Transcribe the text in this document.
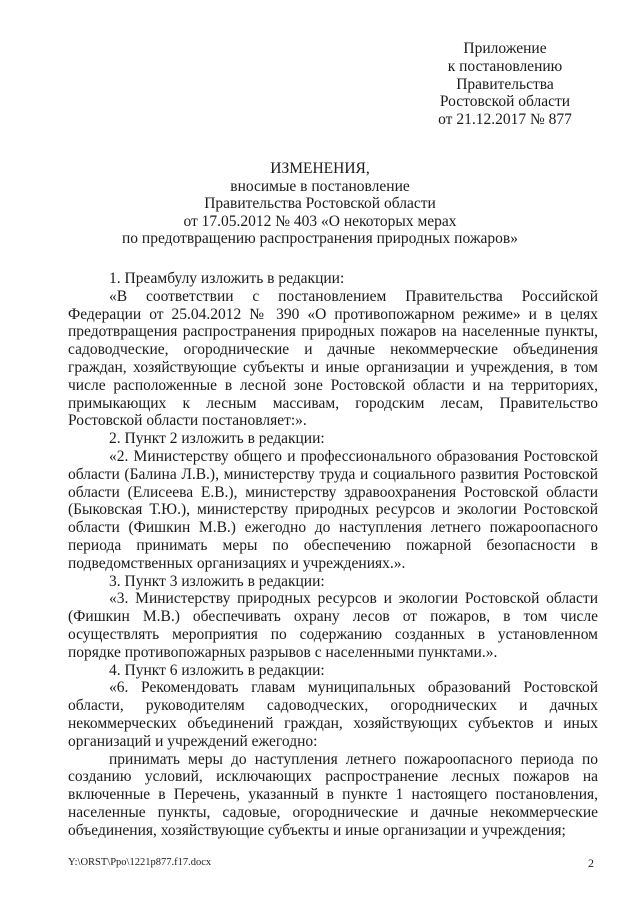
Приложение
к постановлению
Правительства
Ростовской области
от 21.12.2017 № 877
ИЗМЕНЕНИЯ,
вносимые в постановление
Правительства Ростовской области
от 17.05.2012 № 403 «О некоторых мерах
по предотвращению распространения природных пожаров»

1. Преамбулу изложить в редакции:

«В соответствии с постановлением Правительства Российской Федерации от 25.04.2012 № 390 «О противопожарном режиме» и в целях предотвращения распространения природных пожаров на населенные пункты, садоводческие, огороднические и дачные некоммерческие объединения граждан, хозяйствующие субъекты и иные организации и учреждения, в том числе расположенные в лесной зоне Ростовской области и на территориях, примыкающих к лесным массивам, городским лесам, Правительство Ростовской области постановляет:».

2. Пункт 2 изложить в редакции:

«2. Министерству общего и профессионального образования Ростовской области (Балина Л.В.), министерству труда и социального развития Ростовской области (Елисеева Е.В.), министерству здравоохранения Ростовской области (Быковская Т.Ю.), министерству природных ресурсов и экологии Ростовской области (Фишкин М.В.) ежегодно до наступления летнего пожароопасного периода принимать меры по обеспечению пожарной безопасности в подведомственных организациях и учреждениях.».

3. Пункт 3 изложить в редакции:

«3. Министерству природных ресурсов и экологии Ростовской области (Фишкин М.В.) обеспечивать охрану лесов от пожаров, в том числе осуществлять мероприятия по содержанию созданных в установленном порядке противопожарных разрывов с населенными пунктами.».

4. Пункт 6 изложить в редакции:

«6. Рекомендовать главам муниципальных образований Ростовской области, руководителям садоводческих, огороднических и дачных некоммерческих объединений граждан, хозяйствующих субъектов и иных организаций и учреждений ежегодно:

принимать меры до наступления летнего пожароопасного периода по созданию условий, исключающих распространение лесных пожаров на включенные в Перечень, указанный в пункте 1 настоящего постановления, населенные пункты, садовые, огороднические и дачные некоммерческие объединения, хозяйствующие субъекты и иные организации и учреждения;

Y:\ORST\Ppo\1221p877.f17.docx	2
